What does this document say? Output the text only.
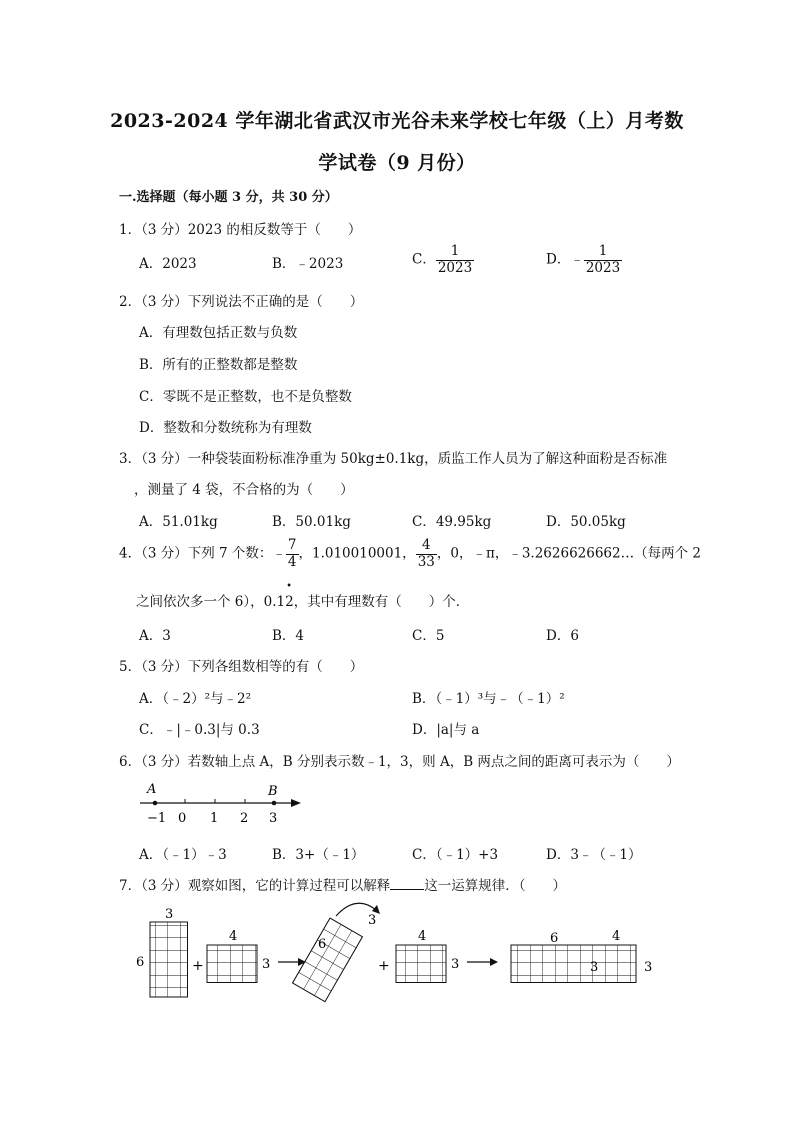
2023-2024 学年湖北省武汉市光谷未来学校七年级（上）月考数
学试卷（9 月份）
一.选择题（每小题 3 分，共 30 分）
1．（3 分）2023 的相反数等于（　　）
A．2023	B．﹣2023	C． $\frac{1}{2023}$	D．﹣ $\frac{1}{2023}$
2．（3 分）下列说法不正确的是（　　）
A．有理数包括正数与负数
B．所有的正整数都是整数
C．零既不是正整数，也不是负整数
D．整数和分数统称为有理数
3．（3 分）一种袋装面粉标准净重为 50kg±0.1kg，质监工作人员为了解这种面粉是否标准
，测量了 4 袋，不合格的为（　　）
A．51.01kg	B．50.01kg	C．49.95kg	D．50.05kg
4．（3 分）下列 7 个数：﹣ $\frac{7}{4}$ ，1.010010001， $\frac{4}{33}$ ，0，﹣π，﹣3.2626626662…（每两个 2
之间依次多一个 6），0.1• 2，其中有理数有（　　）个．
A．3	B．4	C．5	D．6
5．（3 分）下列各组数相等的有（　　）
A．（﹣2）²与﹣2²	B．（﹣1）³与﹣（﹣1）²
C．﹣|﹣0.3|与 0.3	D．|a|与 a
6．（3 分）若数轴上点 A，B 分别表示数﹣1，3，则 A，B 两点之间的距离可表示为（　　）
A	B
−1 0 1 2 3
A．（﹣1）﹣3	B．3+（﹣1）	C．（﹣1）+3	D．3﹣（﹣1）
7．（3 分）观察如图，它的计算过程可以解释	这一运算规律．（　　）
3
6	+
4
3
6
3
+
4
3
6	4
3	3
